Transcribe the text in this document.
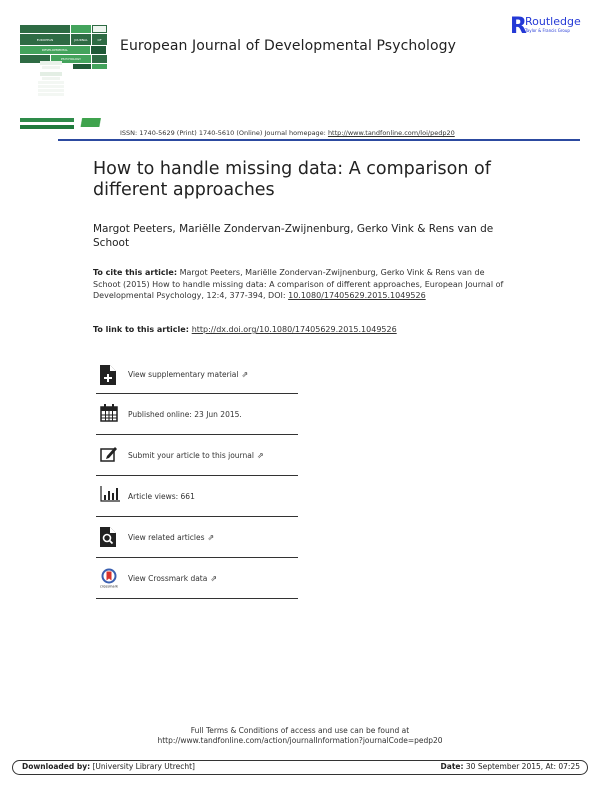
EUROPEAN	JOURNAL	OF
DEVELOPMENTAL
PSYCHOLOGY
European Journal of Developmental Psychology
R
Routledge
Taylor & Francis Group
ISSN: 1740-5629 (Print) 1740-5610 (Online) Journal homepage: http://www.tandfonline.com/loi/pedp20
How to handle missing data: A comparison of different approaches
Margot Peeters, Mariëlle Zondervan-Zwijnenburg, Gerko Vink & Rens van de Schoot
To cite this article: Margot Peeters, Mariëlle Zondervan-Zwijnenburg, Gerko Vink & Rens van de Schoot (2015) How to handle missing data: A comparison of different approaches, European Journal of Developmental Psychology, 12:4, 377-394, DOI: 10.1080/17405629.2015.1049526
To link to this article: http://dx.doi.org/10.1080/17405629.2015.1049526
View supplementary material ⇗
Published online: 23 Jun 2015.
Submit your article to this journal ⇗
Article views: 661
View related articles ⇗
crossmark
View Crossmark data ⇗
Full Terms & Conditions of access and use can be found at
http://www.tandfonline.com/action/journalInformation?journalCode=pedp20
Downloaded by: [University Library Utrecht]	Date: 30 September 2015, At: 07:25
